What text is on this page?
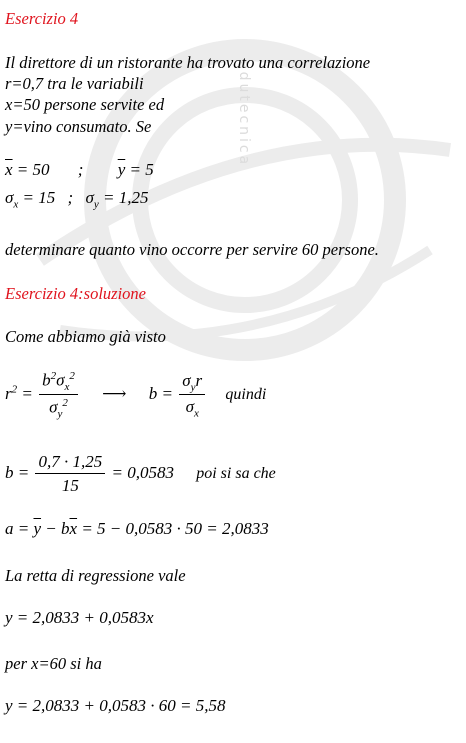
edutecnica
Esercizio 4
Il direttore di un ristorante ha trovato una correlazione
r=0,7 tra le variabili
x=50 persone servite ed
y=vino consumato. Se
$\overline{x} = 50$ ; $\overline{y} = 5$
$\sigma_x = 15$ ; $\sigma_y = 1,25$
determinare quanto vino occorre per servire 60 persone.
Esercizio 4:soluzione
Come abbiamo già visto
$r^2 = \frac{b^2\sigma_x^2}{\sigma_y^2}$ ⟶ $b = \frac{\sigma_yr}{\sigma_x}$ quindi
$b = \frac{0,7 \cdot 1,25}{15} = 0,0583$ poi si sa che
$a = \overline{y} - b\overline{x} = 5 - 0,0583 \cdot 50 = 2,0833$
La retta di regressione vale
y = 2,0833 + 0,0583x
per x=60 si ha
y = 2,0833 + 0,0583 · 60 = 5,58
